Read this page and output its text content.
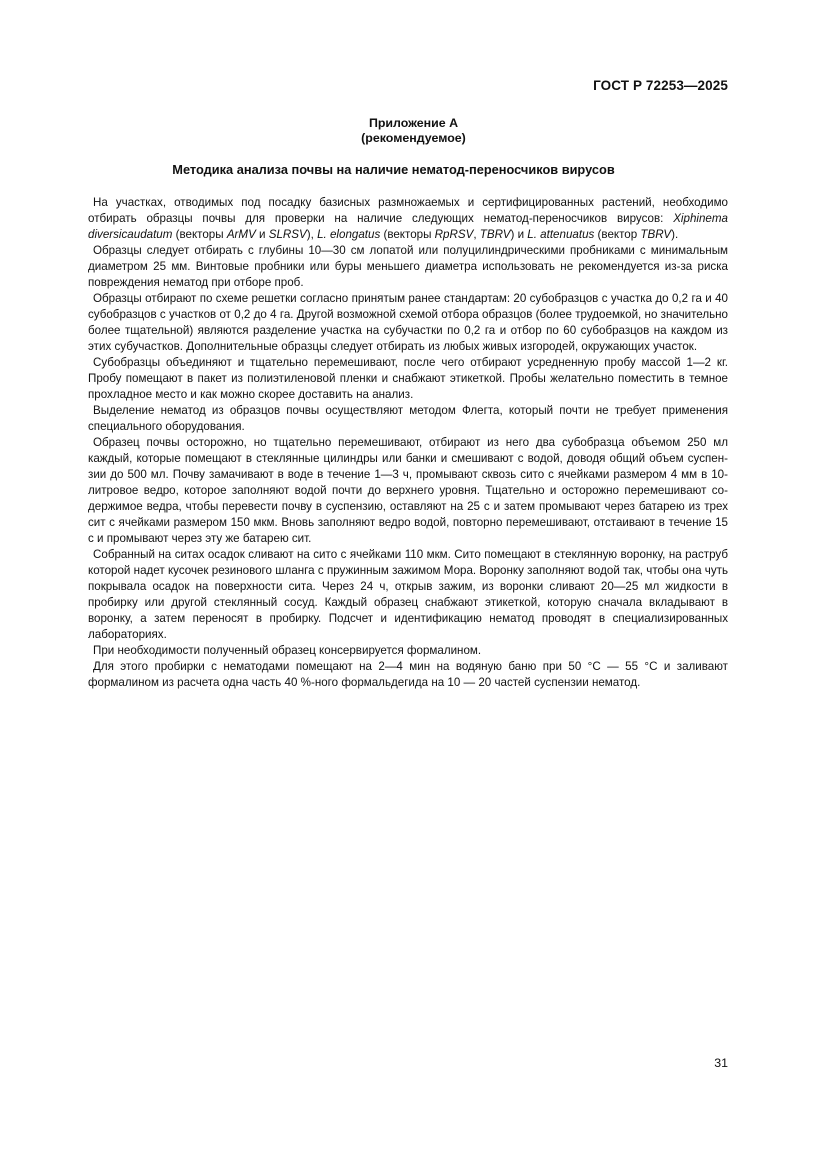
ГОСТ Р 72253—2025
Приложение А
(рекомендуемое)
Методика анализа почвы на наличие нематод-переносчиков вирусов

На участках, отводимых под посадку базисных размножаемых и сертифицированных растений, необходимо отбирать образцы почвы для проверки на наличие следующих нематод-переносчиков вирусов: Xiphinema diversicaudatum (векторы ArMV и SLRSV), L. elongatus (векторы RpRSV, TBRV) и L. attenuatus (вектор TBRV).

Образцы следует отбирать с глубины 10—30 см лопатой или полуцилиндрическими пробниками с минимальным диаметром 25 мм. Винтовые пробники или буры меньшего диаметра использовать не рекомендуется из-за риска повреждения нематод при отборе проб.

Образцы отбирают по схеме решетки согласно принятым ранее стандартам: 20 субобразцов с участка до 0,2 га и 40 субобразцов с участков от 0,2 до 4 га. Другой возможной схемой отбора образцов (более трудоемкой, но значительно более тщательной) являются разделение участка на субучастки по 0,2 га и отбор по 60 субобразцов на каждом из этих субучастков. Дополнительные образцы следует отбирать из любых живых изгородей, окружающих участок.

Субобразцы объединяют и тщательно перемешивают, после чего отбирают усредненную пробу массой 1—2 кг. Пробу помещают в пакет из полиэтиленовой пленки и снабжают этикеткой. Пробы желательно поместить в темное прохладное место и как можно скорее доставить на анализ.

Выделение нематод из образцов почвы осуществляют методом Флегта, который почти не требует применения специального оборудования.

Образец почвы осторожно, но тщательно перемешивают, отбирают из него два субобразца объемом 250 мл каждый, которые помещают в стеклянные цилиндры или банки и смешивают с водой, доводя общий объем суспензии до 500 мл. Почву замачивают в воде в течение 1—3 ч, промывают сквозь сито с ячейками размером 4 мм в 10-литровое ведро, которое заполняют водой почти до верхнего уровня. Тщательно и осторожно перемешивают содержимое ведра, чтобы перевести почву в суспензию, оставляют на 25 с и затем промывают через батарею из трех сит с ячейками размером 150 мкм. Вновь заполняют ведро водой, повторно перемешивают, отстаивают в течение 15 с и промывают через эту же батарею сит.

Собранный на ситах осадок сливают на сито с ячейками 110 мкм. Сито помещают в стеклянную воронку, на раструб которой надет кусочек резинового шланга с пружинным зажимом Мора. Воронку заполняют водой так, чтобы она чуть покрывала осадок на поверхности сита. Через 24 ч, открыв зажим, из воронки сливают 20—25 мл жидкости в пробирку или другой стеклянный сосуд. Каждый образец снабжают этикеткой, которую сначала вкладывают в воронку, а затем переносят в пробирку. Подсчет и идентификацию нематод проводят в специализированных лабораториях.

При необходимости полученный образец консервируется формалином.

Для этого пробирки с нематодами помещают на 2—4 мин на водяную баню при 50 °С — 55 °С и заливают формалином из расчета одна часть 40 %-ного формальдегида на 10 — 20 частей суспензии нематод.

31
